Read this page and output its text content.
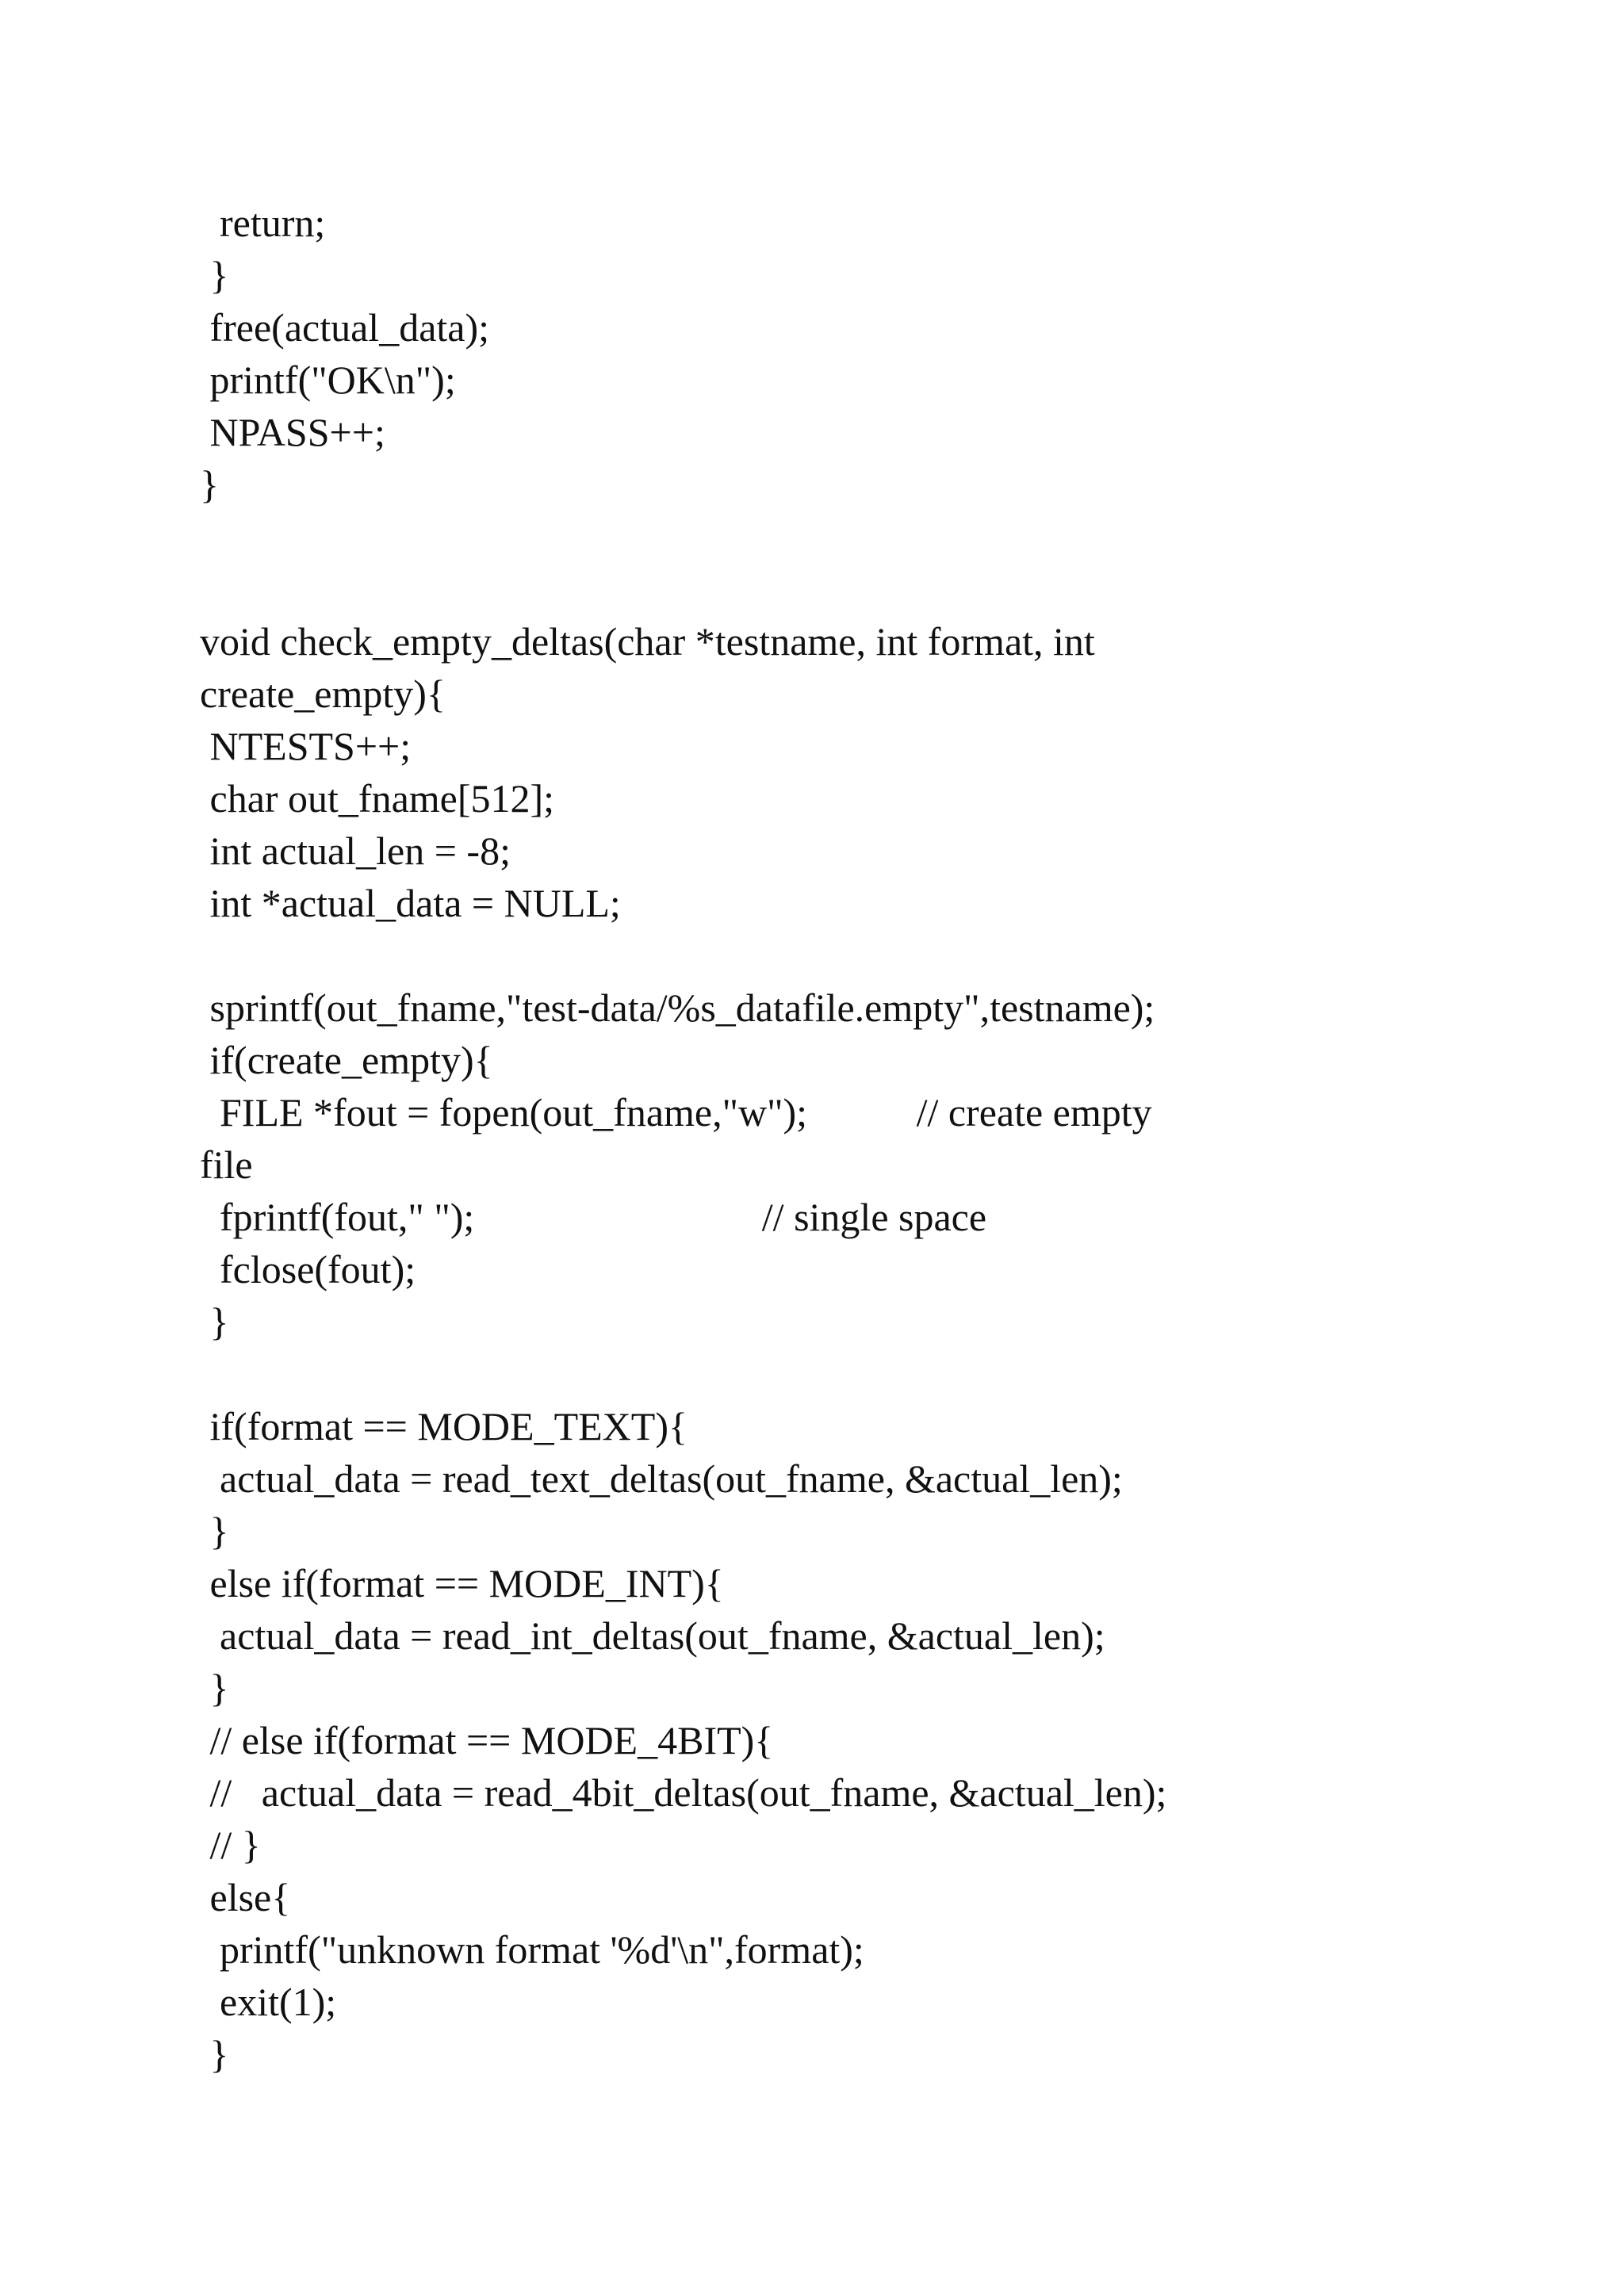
return;
}
free(actual_data);
printf("OK\n");
NPASS++;
}
void check_empty_deltas(char *testname, int format, int
create_empty){
NTESTS++;
char out_fname[512];
int actual_len = -8;
int *actual_data = NULL;
sprintf(out_fname,"test-data/%s_datafile.empty",testname);
if(create_empty){
FILE *fout = fopen(out_fname,"w");           // create empty
file
fprintf(fout," ");                             // single space
fclose(fout);
}
if(format == MODE_TEXT){
actual_data = read_text_deltas(out_fname, &actual_len);
}
else if(format == MODE_INT){
actual_data = read_int_deltas(out_fname, &actual_len);
}
// else if(format == MODE_4BIT){
//   actual_data = read_4bit_deltas(out_fname, &actual_len);
// }
else{
printf("unknown format '%d'\n",format);
exit(1);
}
